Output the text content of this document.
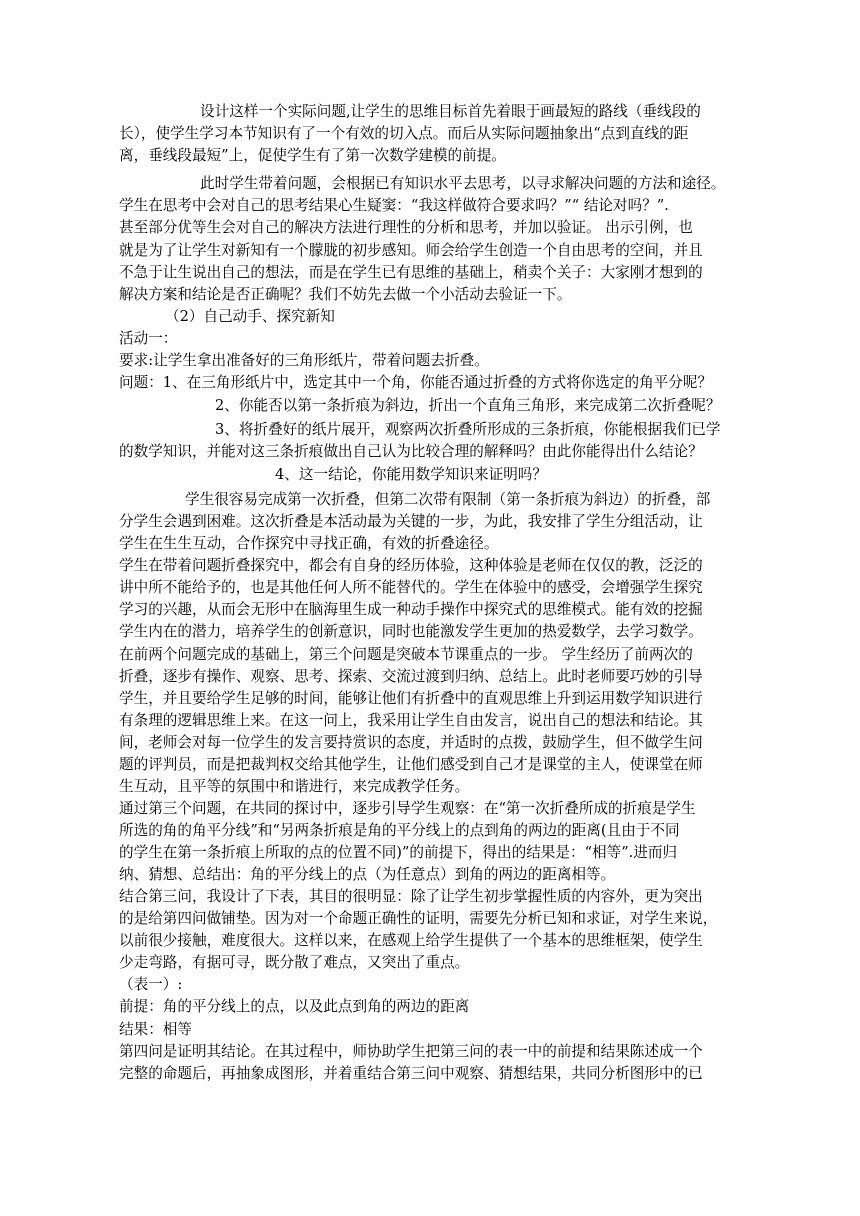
设计这样一个实际问题,让学生的思维目标首先着眼于画最短的路线（垂线段的

长），使学生学习本节知识有了一个有效的切入点。而后从实际问题抽象出“点到直线的距

离，垂线段最短”上，促使学生有了第一次数学建模的前提。

此时学生带着问题，会根据已有知识水平去思考，以寻求解决问题的方法和途径。

学生在思考中会对自己的思考结果心生疑窦：“我这样做符合要求吗？”“ 结论对吗？”.

甚至部分优等生会对自己的解决方法进行理性的分析和思考，并加以验证。 出示引例，也

就是为了让学生对新知有一个朦胧的初步感知。师会给学生创造一个自由思考的空间，并且

不急于让生说出自己的想法，而是在学生已有思维的基础上，稍卖个关子：大家刚才想到的

解决方案和结论是否正确呢？我们不妨先去做一个小活动去验证一下。

（2）自己动手、探究新知

活动一：

要求:让学生拿出准备好的三角形纸片，带着问题去折叠。

问题：1、在三角形纸片中，选定其中一个角，你能否通过折叠的方式将你选定的角平分呢？

2、你能否以第一条折痕为斜边，折出一个直角三角形，来完成第二次折叠呢？

3、将折叠好的纸片展开，观察两次折叠所形成的三条折痕，你能根据我们已学

的数学知识，并能对这三条折痕做出自己认为比较合理的解释吗？由此你能得出什么结论？

4、这一结论，你能用数学知识来证明吗？

学生很容易完成第一次折叠，但第二次带有限制（第一条折痕为斜边）的折叠，部

分学生会遇到困难。这次折叠是本活动最为关键的一步，为此，我安排了学生分组活动，让

学生在生生互动，合作探究中寻找正确，有效的折叠途径。

学生在带着问题折叠探究中，都会有自身的经历体验，这种体验是老师在仅仅的教，泛泛的

讲中所不能给予的，也是其他任何人所不能替代的。学生在体验中的感受，会增强学生探究

学习的兴趣，从而会无形中在脑海里生成一种动手操作中探究式的思维模式。能有效的挖掘

学生内在的潜力，培养学生的创新意识，同时也能激发学生更加的热爱数学，去学习数学。

在前两个问题完成的基础上，第三个问题是突破本节课重点的一步。 学生经历了前两次的

折叠，逐步有操作、观察、思考、探索、交流过渡到归纳、总结上。此时老师要巧妙的引导

学生，并且要给学生足够的时间，能够让他们有折叠中的直观思维上升到运用数学知识进行

有条理的逻辑思维上来。在这一问上，我采用让学生自由发言，说出自己的想法和结论。其

间，老师会对每一位学生的发言要持赏识的态度，并适时的点拨，鼓励学生，但不做学生问

题的评判员，而是把裁判权交给其他学生，让他们感受到自己才是课堂的主人，使课堂在师

生互动，且平等的氛围中和谐进行，来完成教学任务。

通过第三个问题，在共同的探讨中，逐步引导学生观察：在“第一次折叠所成的折痕是学生

所选的角的角平分线”和“另两条折痕是角的平分线上的点到角的两边的距离(且由于不同

的学生在第一条折痕上所取的点的位置不同)”的前提下，得出的结果是：“相等”.进而归

纳、猜想、总结出：角的平分线上的点（为任意点）到角的两边的距离相等。

结合第三问，我设计了下表，其目的很明显：除了让学生初步掌握性质的内容外，更为突出

的是给第四问做铺垫。因为对一个命题正确性的证明，需要先分析已知和求证，对学生来说，

以前很少接触，难度很大。这样以来，在感观上给学生提供了一个基本的思维框架，使学生

少走弯路，有据可寻，既分散了难点，又突出了重点。

（表一）:

前提：角的平分线上的点，以及此点到角的两边的距离

结果：相等

第四问是证明其结论。在其过程中，师协助学生把第三问的表一中的前提和结果陈述成一个

完整的命题后，再抽象成图形，并着重结合第三问中观察、猜想结果，共同分析图形中的已
